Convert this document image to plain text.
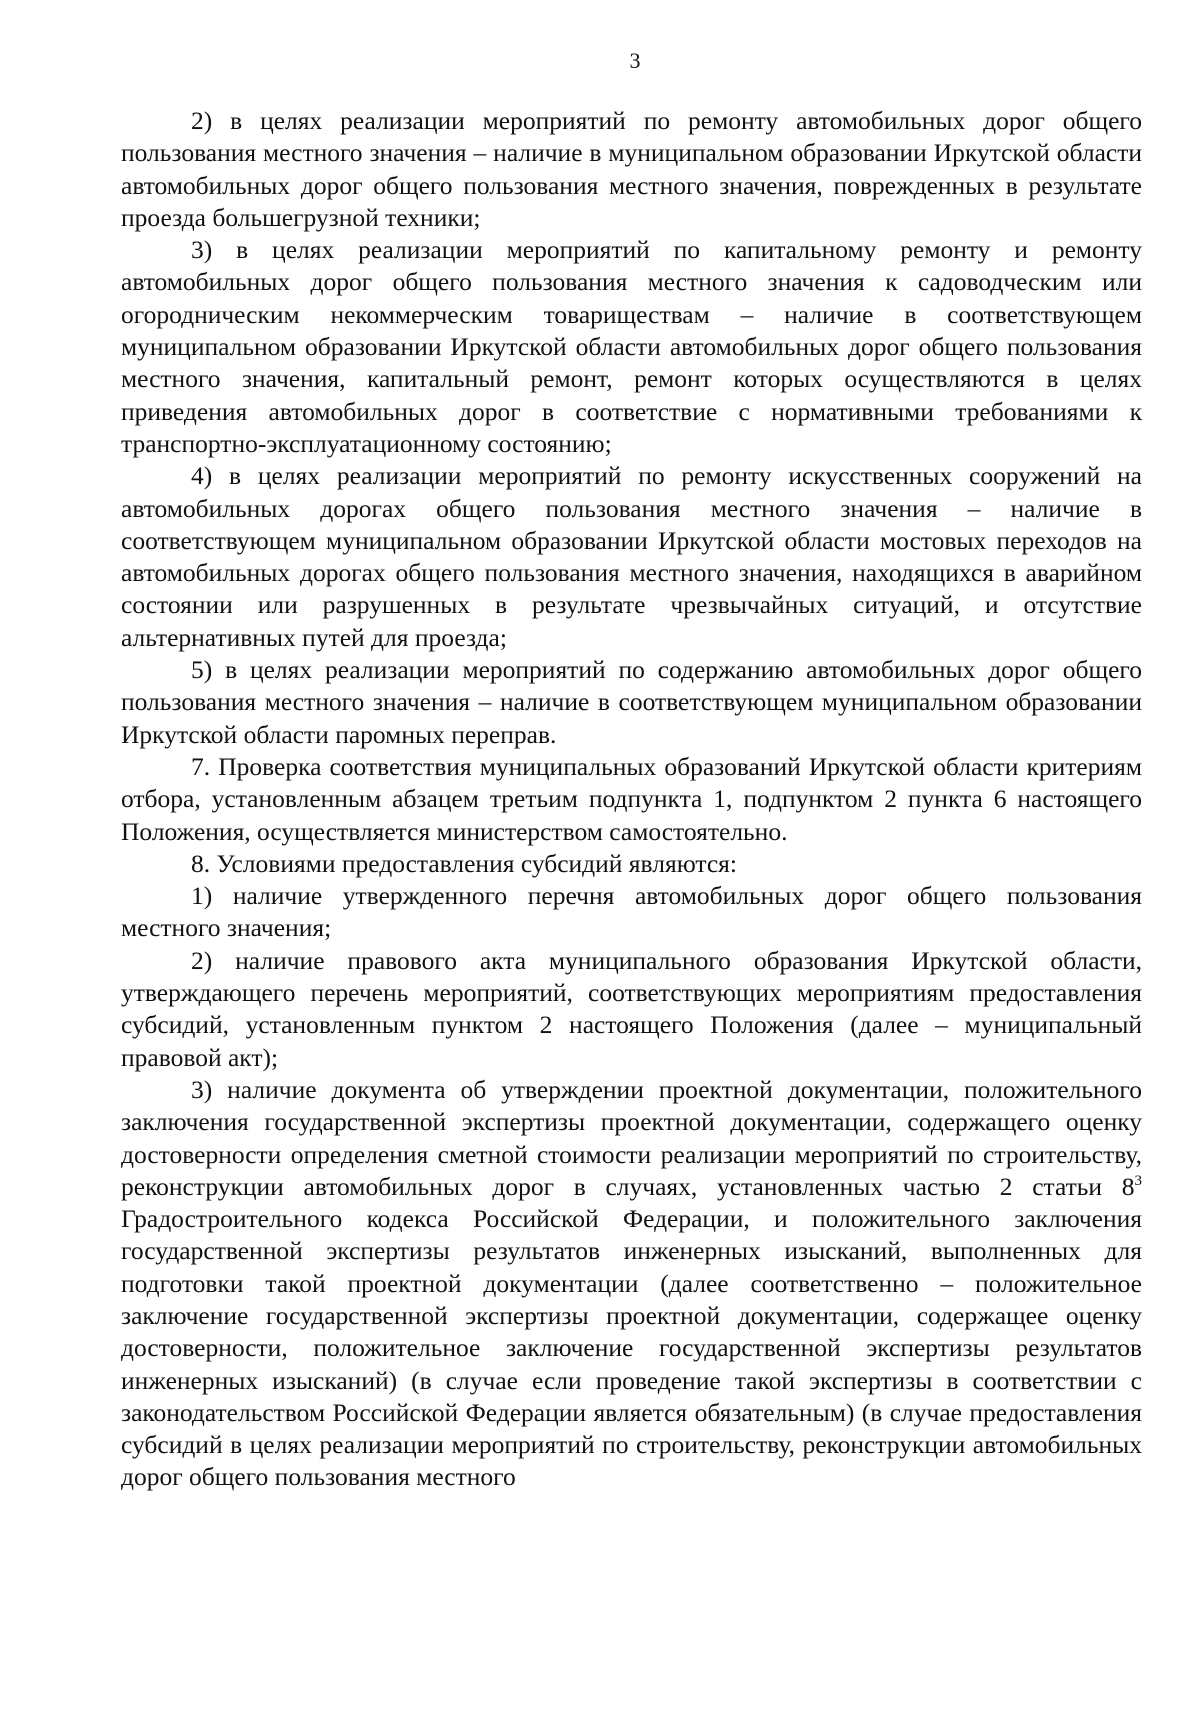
3

2) в целях реализации мероприятий по ремонту автомобильных дорог общего пользования местного значения – наличие в муниципальном образовании Иркутской области автомобильных дорог общего пользования местного значения, поврежденных в результате проезда большегрузной техники;

3) в целях реализации мероприятий по капитальному ремонту и ремонту автомобильных дорог общего пользования местного значения к садоводческим или огородническим некоммерческим товариществам – наличие в соответствующем муниципальном образовании Иркутской области автомобильных дорог общего пользования местного значения, капитальный ремонт, ремонт которых осуществляются в целях приведения автомобильных дорог в соответствие с нормативными требованиями к транспортно-эксплуатационному состоянию;

4) в целях реализации мероприятий по ремонту искусственных сооружений на автомобильных дорогах общего пользования местного значения – наличие в соответствующем муниципальном образовании Иркутской области мостовых переходов на автомобильных дорогах общего пользования местного значения, находящихся в аварийном состоянии или разрушенных в результате чрезвычайных ситуаций, и отсутствие альтернативных путей для проезда;

5) в целях реализации мероприятий по содержанию автомобильных дорог общего пользования местного значения – наличие в соответствующем муниципальном образовании Иркутской области паромных переправ.

7. Проверка соответствия муниципальных образований Иркутской области критериям отбора, установленным абзацем третьим подпункта 1, подпунктом 2 пункта 6 настоящего Положения, осуществляется министерством самостоятельно.

8. Условиями предоставления субсидий являются:

1) наличие утвержденного перечня автомобильных дорог общего пользования местного значения;

2) наличие правового акта муниципального образования Иркутской области, утверждающего перечень мероприятий, соответствующих мероприятиям предоставления субсидий, установленным пунктом 2 настоящего Положения (далее – муниципальный правовой акт);

3) наличие документа об утверждении проектной документации, положительного заключения государственной экспертизы проектной документации, содержащего оценку достоверности определения сметной стоимости реализации мероприятий по строительству, реконструкции автомобильных дорог в случаях, установленных частью 2 статьи $8^3$ Градостроительного кодекса Российской Федерации, и положительного заключения государственной экспертизы результатов инженерных изысканий, выполненных для подготовки такой проектной документации (далее соответственно – положительное заключение государственной экспертизы проектной документации, содержащее оценку достоверности, положительное заключение государственной экспертизы результатов инженерных изысканий) (в случае если проведение такой экспертизы в соответствии с законодательством Российской Федерации является обязательным) (в случае предоставления субсидий в целях реализации мероприятий по строительству, реконструкции автомобильных дорог общего пользования местного
